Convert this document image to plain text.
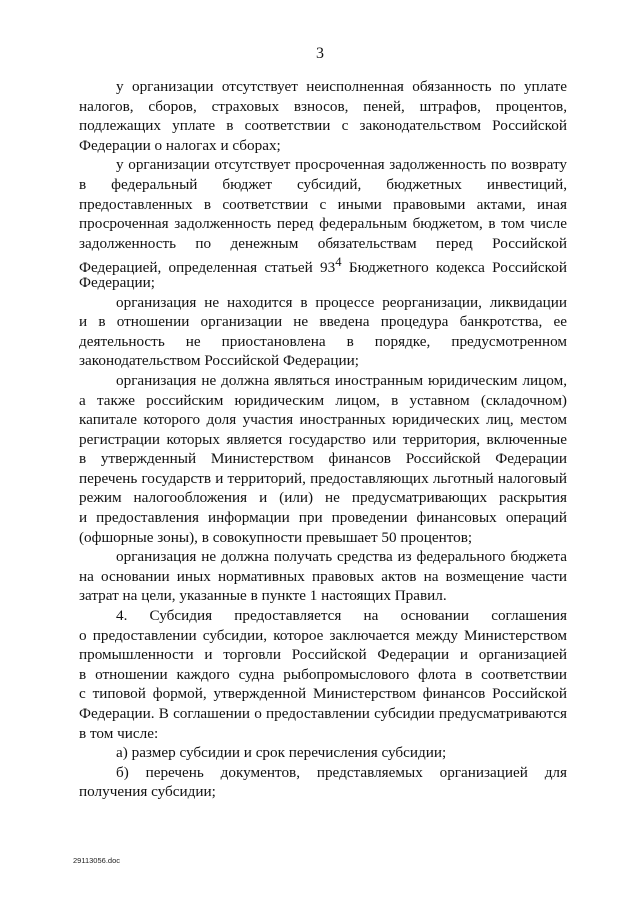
3
у организации отсутствует неисполненная обязанность по уплате
налогов, сборов, страховых взносов, пеней, штрафов, процентов,
подлежащих уплате в соответствии с законодательством Российской
Федерации о налогах и сборах;
у организации отсутствует просроченная задолженность по возврату
в федеральный бюджет субсидий, бюджетных инвестиций,
предоставленных в соответствии с иными правовыми актами, иная
просроченная задолженность перед федеральным бюджетом, в том числе
задолженность по денежным обязательствам перед Российской
Федерацией, определенная статьей $93^4$ Бюджетного кодекса Российской
Федерации;
организация не находится в процессе реорганизации, ликвидации
и в отношении организации не введена процедура банкротства, ее
деятельность не приостановлена в порядке, предусмотренном
законодательством Российской Федерации;
организация не должна являться иностранным юридическим лицом,
а также российским юридическим лицом, в уставном (складочном)
капитале которого доля участия иностранных юридических лиц, местом
регистрации которых является государство или территория, включенные
в утвержденный Министерством финансов Российской Федерации
перечень государств и территорий, предоставляющих льготный налоговый
режим налогообложения и (или) не предусматривающих раскрытия
и предоставления информации при проведении финансовых операций
(офшорные зоны), в совокупности превышает 50 процентов;
организация не должна получать средства из федерального бюджета
на основании иных нормативных правовых актов на возмещение части
затрат на цели, указанные в пункте 1 настоящих Правил.
4. Субсидия предоставляется на основании соглашения
о предоставлении субсидии, которое заключается между Министерством
промышленности и торговли Российской Федерации и организацией
в отношении каждого судна рыбопромыслового флота в соответствии
с типовой формой, утвержденной Министерством финансов Российской
Федерации. В соглашении о предоставлении субсидии предусматриваются
в том числе:
а) размер субсидии и срок перечисления субсидии;
б) перечень документов, представляемых организацией для
получения субсидии;
29113056.doc
